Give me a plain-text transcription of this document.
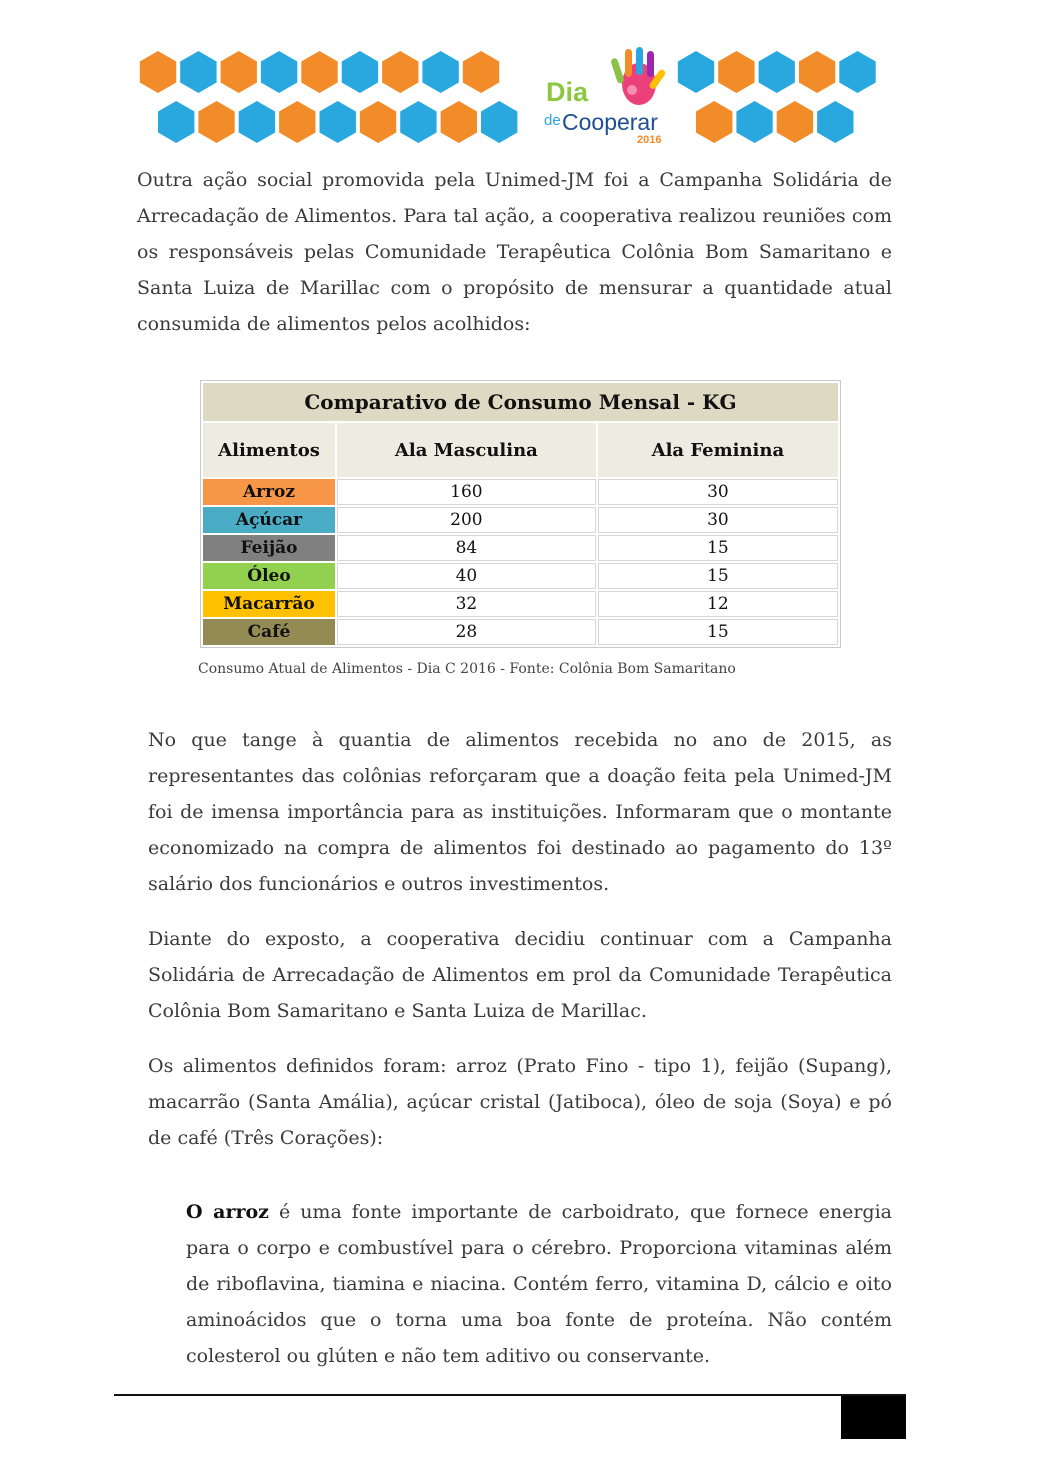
Dia
de Cooperar
2016

Outra ação social promovida pela Unimed-JM foi a Campanha Solidária de Arrecadação de Alimentos. Para tal ação, a cooperativa realizou reuniões com os responsáveis pelas Comunidade Terapêutica Colônia Bom Samaritano e Santa Luiza de Marillac com o propósito de mensurar a quantidade atual consumida de alimentos pelos acolhidos:

Comparativo de Consumo Mensal - KG		
Alimentos	Ala Masculina	Ala Feminina
Arroz	160	30
Açúcar	200	30
Feijão	84	15
Óleo	40	15
Macarrão	32	12
Café	28	15

Consumo Atual de Alimentos - Dia C 2016 - Fonte: Colônia Bom Samaritano

No que tange à quantia de alimentos recebida no ano de 2015, as representantes das colônias reforçaram que a doação feita pela Unimed-JM foi de imensa importância para as instituições. Informaram que o montante economizado na compra de alimentos foi destinado ao pagamento do 13º salário dos funcionários e outros investimentos.

Diante do exposto, a cooperativa decidiu continuar com a Campanha Solidária de Arrecadação de Alimentos em prol da Comunidade Terapêutica Colônia Bom Samaritano e Santa Luiza de Marillac.

Os alimentos definidos foram: arroz (Prato Fino - tipo 1), feijão (Supang), macarrão (Santa Amália), açúcar cristal (Jatiboca), óleo de soja (Soya) e pó de café (Três Corações):

O arroz é uma fonte importante de carboidrato, que fornece energia para o corpo e combustível para o cérebro. Proporciona vitaminas além de riboflavina, tiamina e niacina. Contém ferro, vitamina D, cálcio e oito aminoácidos que o torna uma boa fonte de proteína. Não contém colesterol ou glúten e não tem aditivo ou conservante.
